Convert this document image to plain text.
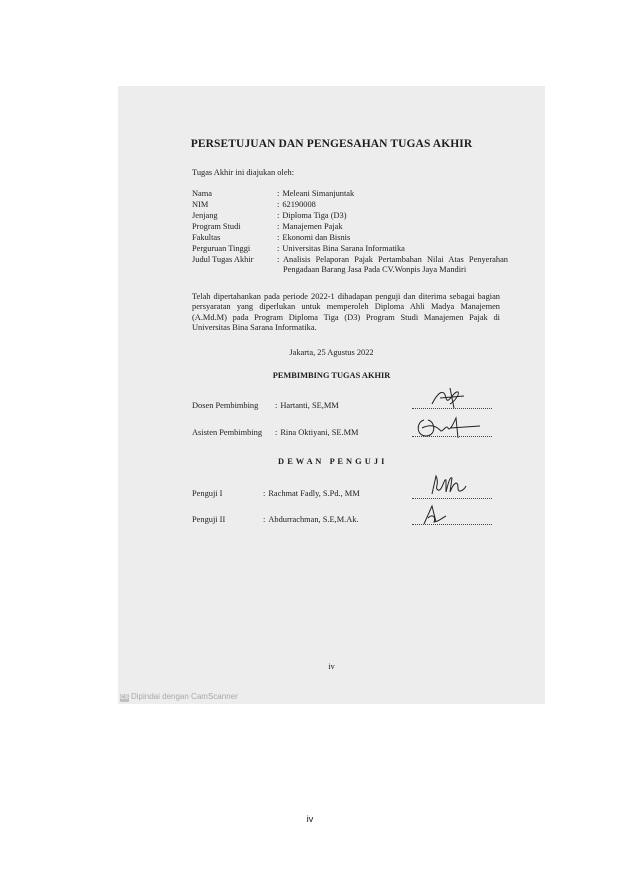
PERSETUJUAN DAN PENGESAHAN TUGAS AKHIR
Tugas Akhir ini diajukan oleh:
Nama	: Meleani Simanjuntak
NIM	: 62190008
Jenjang	: Diploma Tiga (D3)
Program Studi	: Manajemen Pajak
Fakultas	: Ekonomi dan Bisnis
Perguruan Tinggi	: Universitas Bina Sarana Informatika
Judul Tugas Akhir	: Analisis Pelaporan Pajak Pertambahan Nilai Atas Penyerahan Pengadaan Barang Jasa Pada CV.Wonpis Jaya Mandiri
Telah dipertahankan pada periode 2022-1 dihadapan penguji dan diterima sebagai bagian persyaratan yang diperlukan untuk memperoleh Diploma Ahli Madya Manajemen (A.Md.M) pada Program Diploma Tiga (D3) Program Studi Manajemen Pajak di Universitas Bina Sarana Informatika.
Jakarta, 25 Agustus 2022
PEMBIMBING TUGAS AKHIR
Dosen Pembimbing : Hartanti, SE,MM
Asisten Pembimbing : Rina Oktiyani, SE.MM
D E W A N   P E N G U J I
Penguji I	: Rachmat Fadly, S.Pd., MM
Penguji II	: Abdurrachman, S.E,M.Ak.
iv
CS Dipindai dengan CamScanner
iv
